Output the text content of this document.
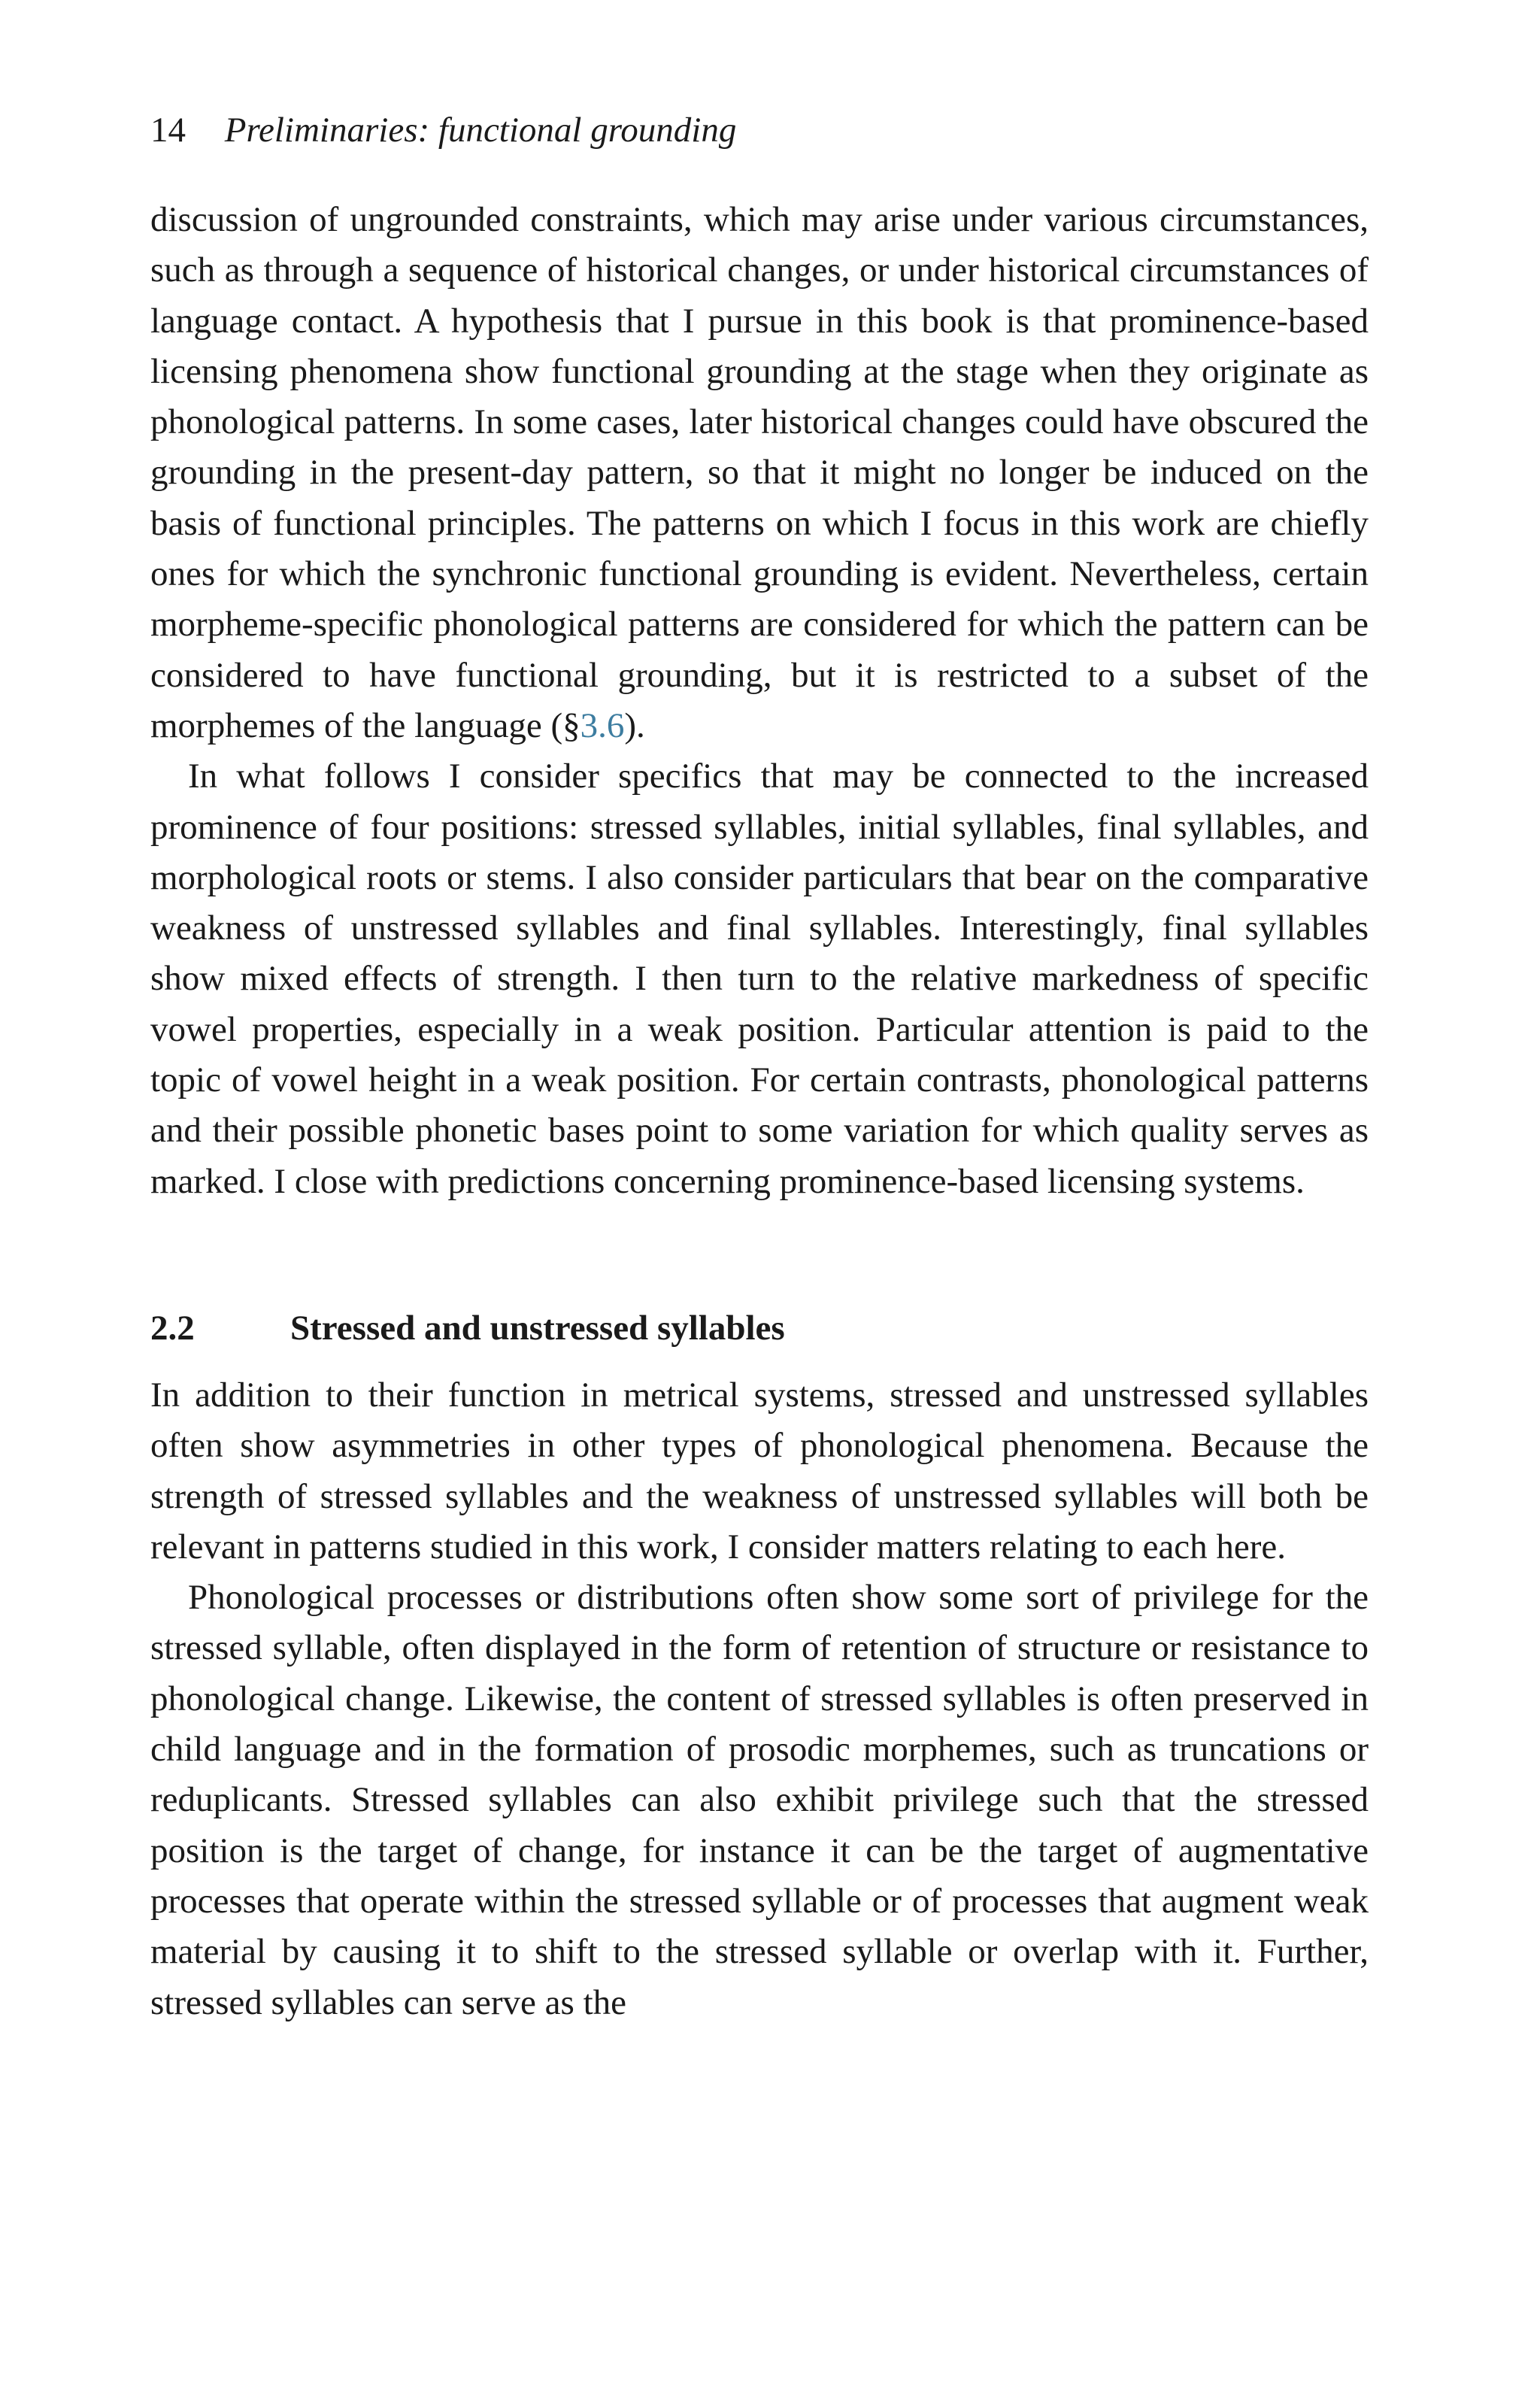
14 Preliminaries: functional grounding

discussion of ungrounded constraints, which may arise under various circumstances, such as through a sequence of historical changes, or under historical circumstances of language contact. A hypothesis that I pursue in this book is that prominence-based licensing phenomena show functional grounding at the stage when they originate as phonological patterns. In some cases, later historical changes could have obscured the grounding in the present-day pattern, so that it might no longer be induced on the basis of functional principles. The patterns on which I focus in this work are chiefly ones for which the synchronic functional grounding is evident. Nevertheless, certain morpheme-specific phonological patterns are considered for which the pattern can be considered to have functional grounding, but it is restricted to a subset of the morphemes of the language (§3.6).

In what follows I consider specifics that may be connected to the increased prominence of four positions: stressed syllables, initial syllables, final syllables, and morphological roots or stems. I also consider particulars that bear on the comparative weakness of unstressed syllables and final syllables. Interestingly, final syllables show mixed effects of strength. I then turn to the relative markedness of specific vowel properties, especially in a weak position. Particular attention is paid to the topic of vowel height in a weak position. For certain contrasts, phonological patterns and their possible phonetic bases point to some variation for which quality serves as marked. I close with predictions concerning prominence-based licensing systems.

2.2	Stressed and unstressed syllables

In addition to their function in metrical systems, stressed and unstressed syllables often show asymmetries in other types of phonological phenomena. Because the strength of stressed syllables and the weakness of unstressed syllables will both be relevant in patterns studied in this work, I consider matters relating to each here.

Phonological processes or distributions often show some sort of privilege for the stressed syllable, often displayed in the form of retention of structure or resistance to phonological change. Likewise, the content of stressed syllables is often preserved in child language and in the formation of prosodic morphemes, such as truncations or reduplicants. Stressed syllables can also exhibit privilege such that the stressed position is the target of change, for instance it can be the target of augmentative processes that operate within the stressed syllable or of processes that augment weak material by causing it to shift to the stressed syllable or overlap with it. Further, stressed syllables can serve as the
